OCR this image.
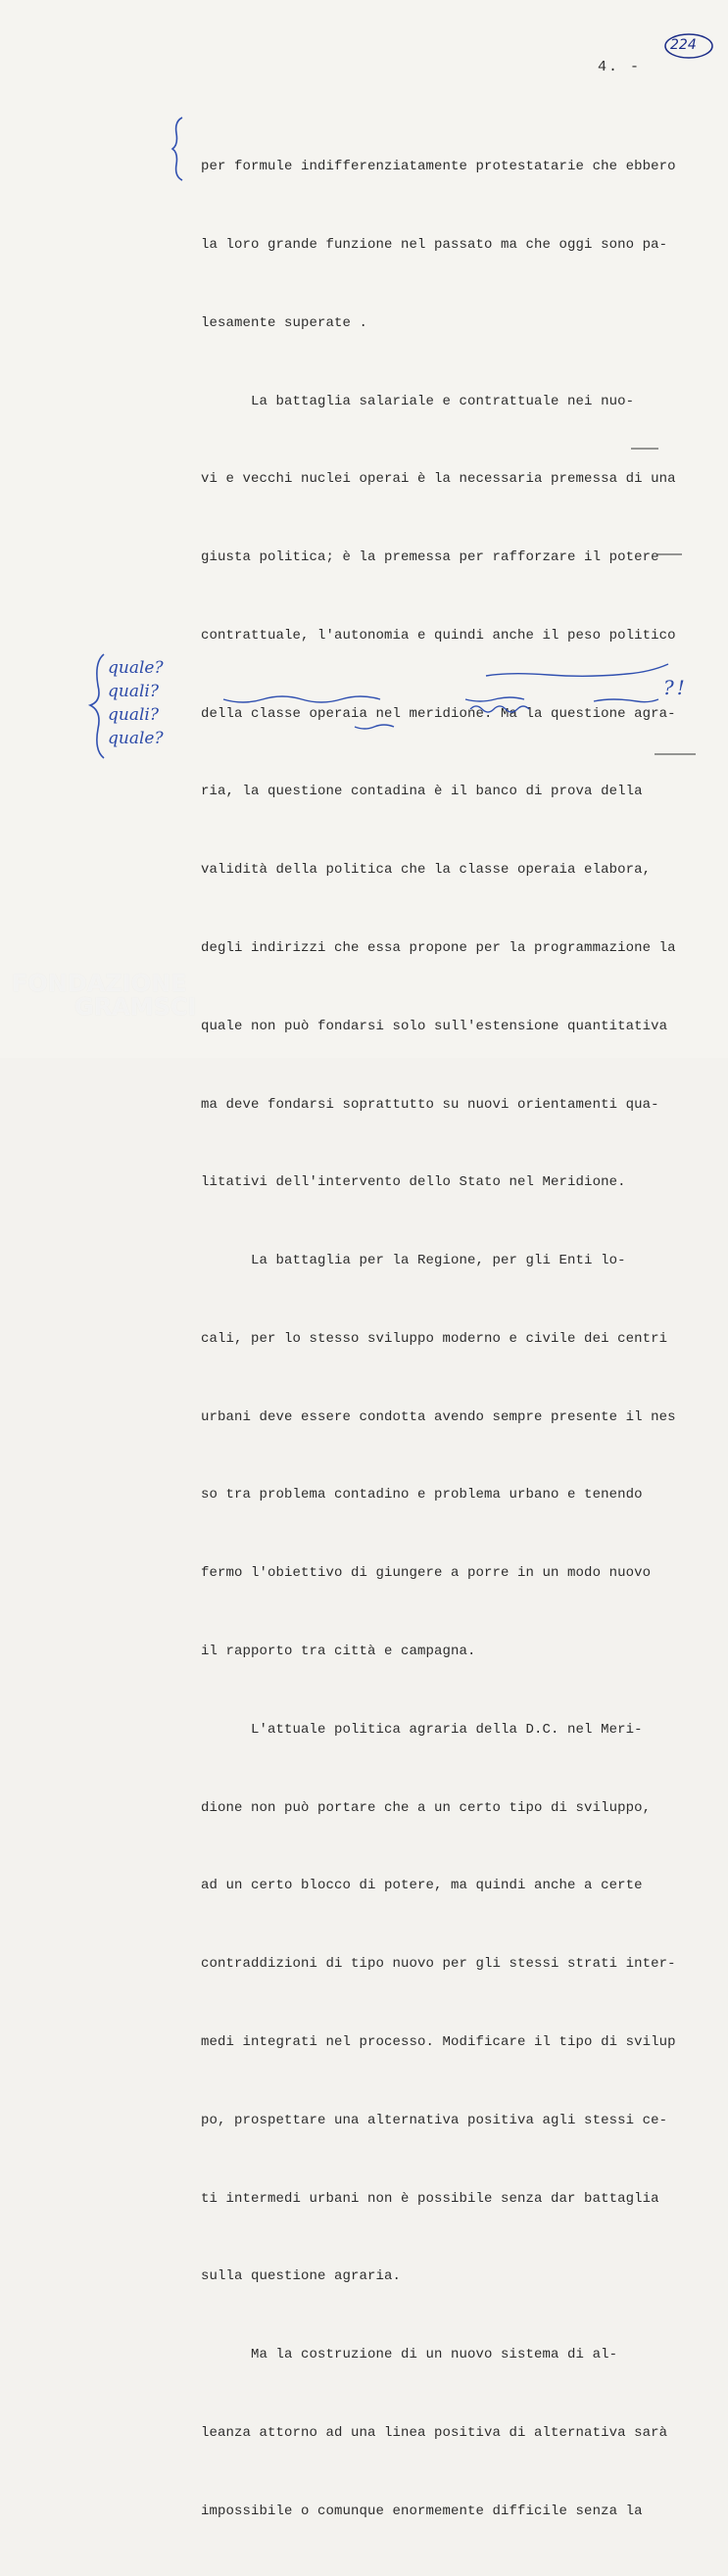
224
4. -

per formule indifferenziatamente protestatarie che ebbero

la loro grande funzione nel passato ma che oggi sono pa-

lesamente superate .

La battaglia salariale e contrattuale nei nuo-

vi e vecchi nuclei operai è la necessaria premessa di una

giusta politica; è la premessa per rafforzare il potere

contrattuale, l'autonomia e quindi anche il peso politico

della classe operaia nel meridione. Ma la questione agra-

ria, la questione contadina è il banco di prova della

validità della politica che la classe operaia elabora,

degli indirizzi che essa propone per la programmazione la

quale non può fondarsi solo sull'estensione quantitativa

ma deve fondarsi soprattutto su nuovi orientamenti qua-

litativi dell'intervento dello Stato nel Meridione.

La battaglia per la Regione, per gli Enti lo-

cali, per lo stesso sviluppo moderno e civile dei centri

urbani deve essere condotta avendo sempre presente il nes

so tra problema contadino e problema urbano e tenendo

fermo l'obiettivo di giungere a porre in un modo nuovo

il rapporto tra città e campagna.

L'attuale politica agraria della D.C. nel Meri-

dione non può portare che a un certo tipo di sviluppo,

ad un certo blocco di potere, ma quindi anche a certe

contraddizioni di tipo nuovo per gli stessi strati inter-

medi integrati nel processo. Modificare il tipo di svilup

po, prospettare una alternativa positiva agli stessi ce-

ti intermedi urbani non è possibile senza dar battaglia

sulla questione agraria.

Ma la costruzione di un nuovo sistema di al-

leanza attorno ad una linea positiva di alternativa sarà

impossibile o comunque enormemente difficile senza la

quale?
quali?
quali?
quale?
?!
FONDAZIONE
GRAMSCI
